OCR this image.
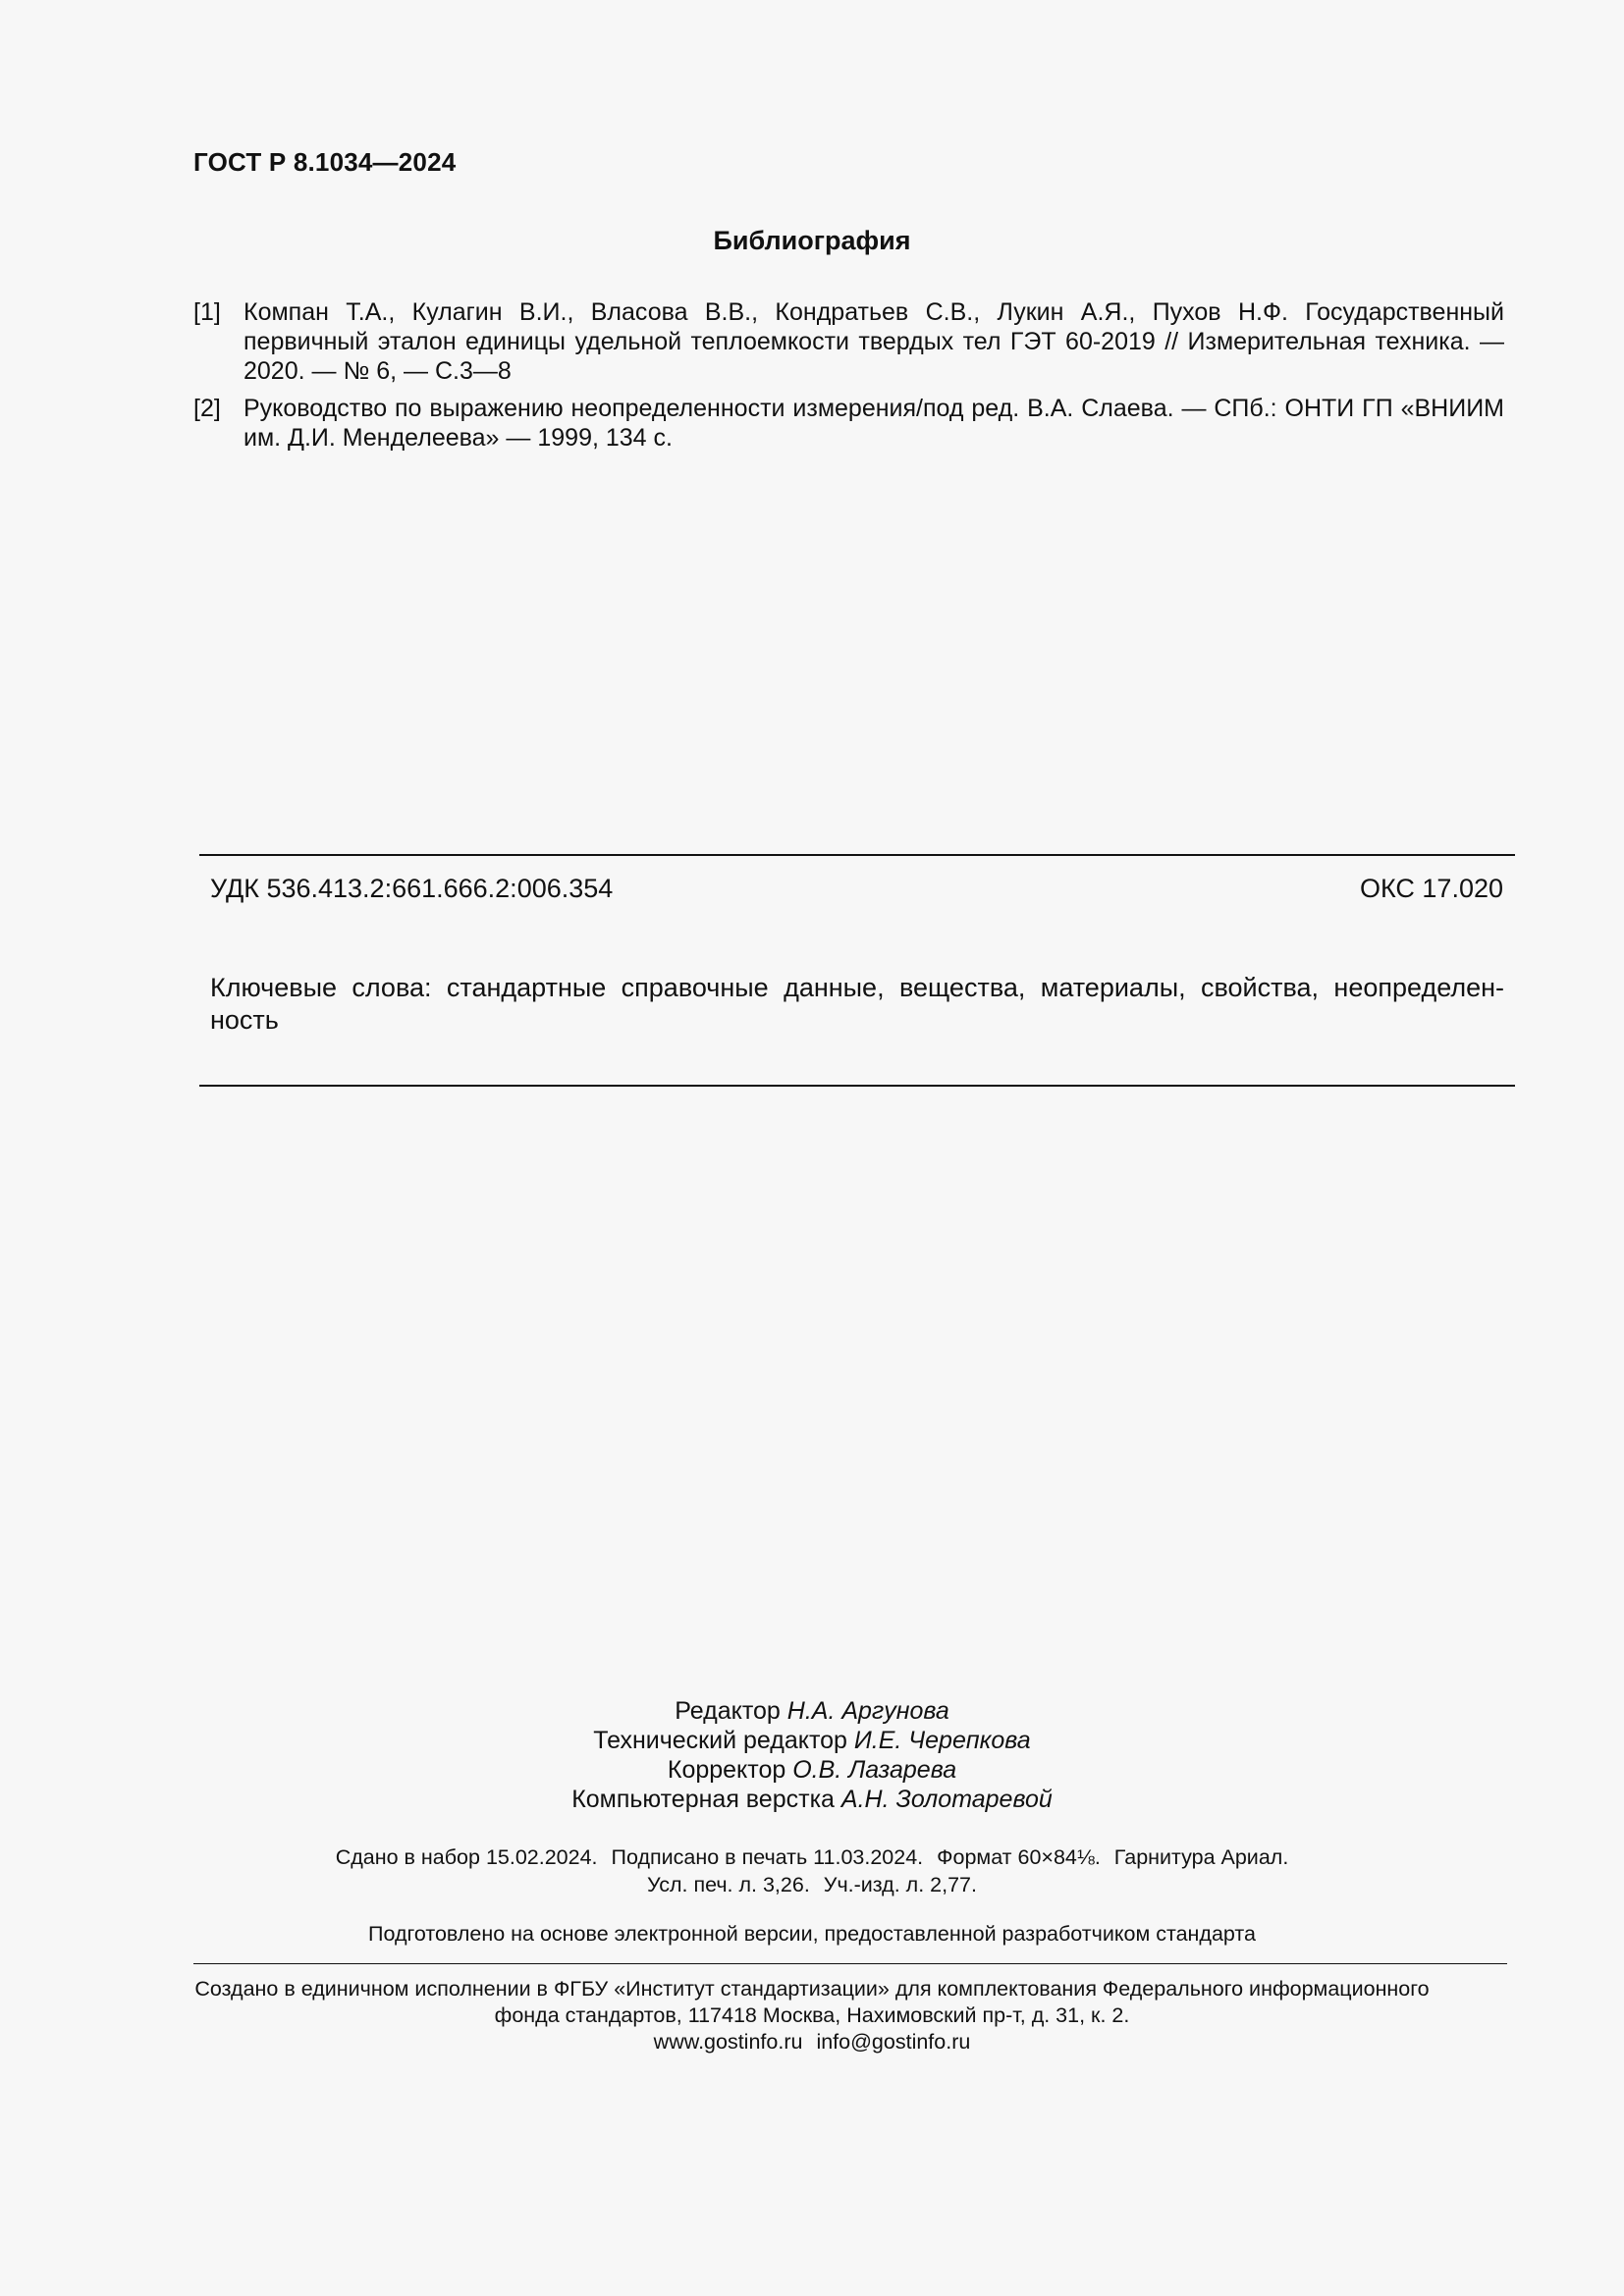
ГОСТ Р 8.1034—2024
Библиография
[1] Компан Т.А., Кулагин В.И., Власова В.В., Кондратьев С.В., Лукин А.Я., Пухов Н.Ф. Государственный первичный эталон единицы удельной теплоемкости твердых тел ГЭТ 60-2019 // Измерительная техника. — 2020. — № 6, — С.3—8
[2] Руководство по выражению неопределенности измерения/под ред. В.А. Слаева. — СПб.: ОНТИ ГП «ВНИИМ им. Д.И. Менделеева» — 1999, 134 с.
УДК 536.413.2:661.666.2:006.354	ОКС 17.020
Ключевые слова: стандартные справочные данные, вещества, материалы, свойства, неопределен-ность
Редактор Н.А. Аргунова
Технический редактор И.Е. Черепкова
Корректор О.В. Лазарева
Компьютерная верстка А.Н. Золотаревой
Сдано в набор 15.02.2024. Подписано в печать 11.03.2024. Формат 60×84⅛. Гарнитура Ариал.
Усл. печ. л. 3,26. Уч.-изд. л. 2,77.
Подготовлено на основе электронной версии, предоставленной разработчиком стандарта
Создано в единичном исполнении в ФГБУ «Институт стандартизации» для комплектования Федерального информационного
фонда стандартов, 117418 Москва, Нахимовский пр-т, д. 31, к. 2.
www.gostinfo.ru info@gostinfo.ru
